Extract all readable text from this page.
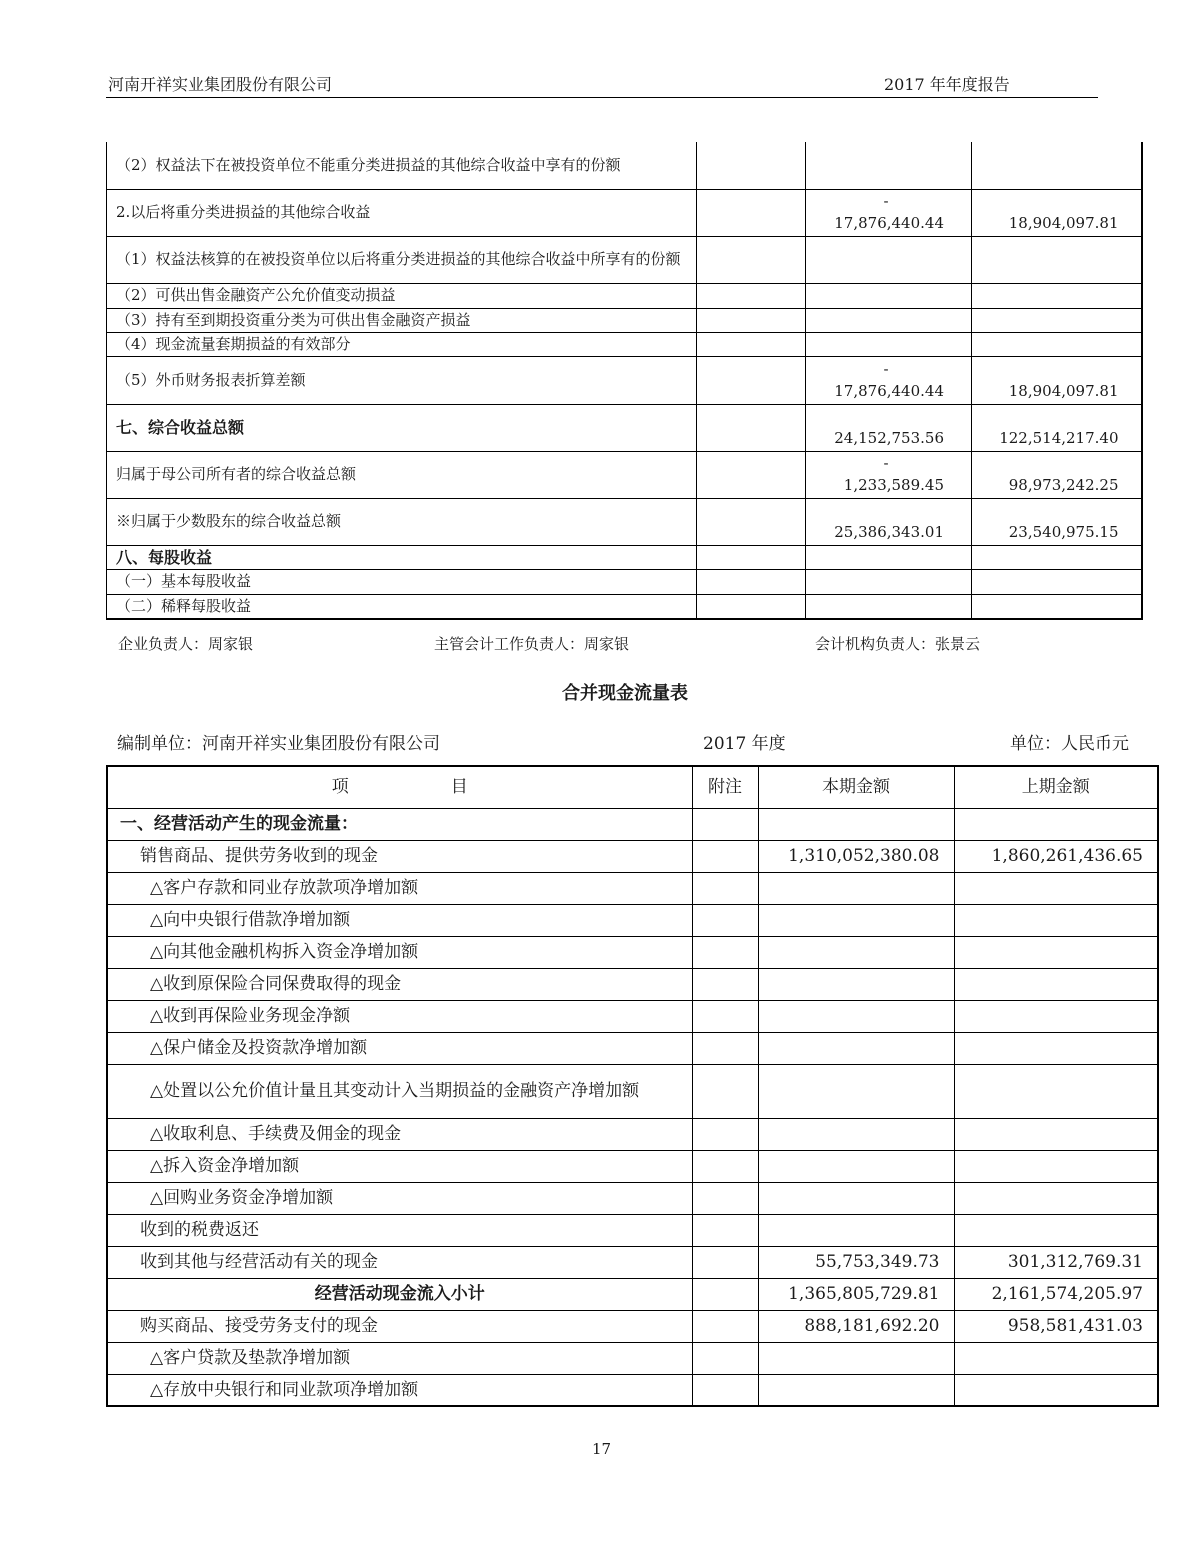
河南开祥实业集团股份有限公司	2017 年年度报告
（2）权益法下在被投资单位不能重分类进损益的其他综合收益中享有的份额			
2.以后将重分类进损益的其他综合收益		-
17,876,440.44	18,904,097.81
（1）权益法核算的在被投资单位以后将重分类进损益的其他综合收益中所享有的份额			
（2）可供出售金融资产公允价值变动损益			
（3）持有至到期投资重分类为可供出售金融资产损益			
（4）现金流量套期损益的有效部分			
（5）外币财务报表折算差额		-
17,876,440.44	18,904,097.81
七、综合收益总额		24,152,753.56	122,514,217.40
归属于母公司所有者的综合收益总额		-
1,233,589.45	98,973,242.25
※归属于少数股东的综合收益总额		25,386,343.01	23,540,975.15
八、每股收益			
（一）基本每股收益			
（二）稀释每股收益			
企业负责人：周家银	主管会计工作负责人：周家银	会计机构负责人：张景云
合并现金流量表
编制单位：河南开祥实业集团股份有限公司	2017 年度	单位：人民币元
项　　　　　　目	附注	本期金额	上期金额
一、经营活动产生的现金流量：			
销售商品、提供劳务收到的现金		1,310,052,380.08	1,860,261,436.65
△客户存款和同业存放款项净增加额			
△向中央银行借款净增加额			
△向其他金融机构拆入资金净增加额			
△收到原保险合同保费取得的现金			
△收到再保险业务现金净额			
△保户储金及投资款净增加额			
△处置以公允价值计量且其变动计入当期损益的金融资产净增加额			
△收取利息、手续费及佣金的现金			
△拆入资金净增加额			
△回购业务资金净增加额			
收到的税费返还			
收到其他与经营活动有关的现金		55,753,349.73	301,312,769.31
经营活动现金流入小计		1,365,805,729.81	2,161,574,205.97
购买商品、接受劳务支付的现金		888,181,692.20	958,581,431.03
△客户贷款及垫款净增加额			
△存放中央银行和同业款项净增加额			
17
